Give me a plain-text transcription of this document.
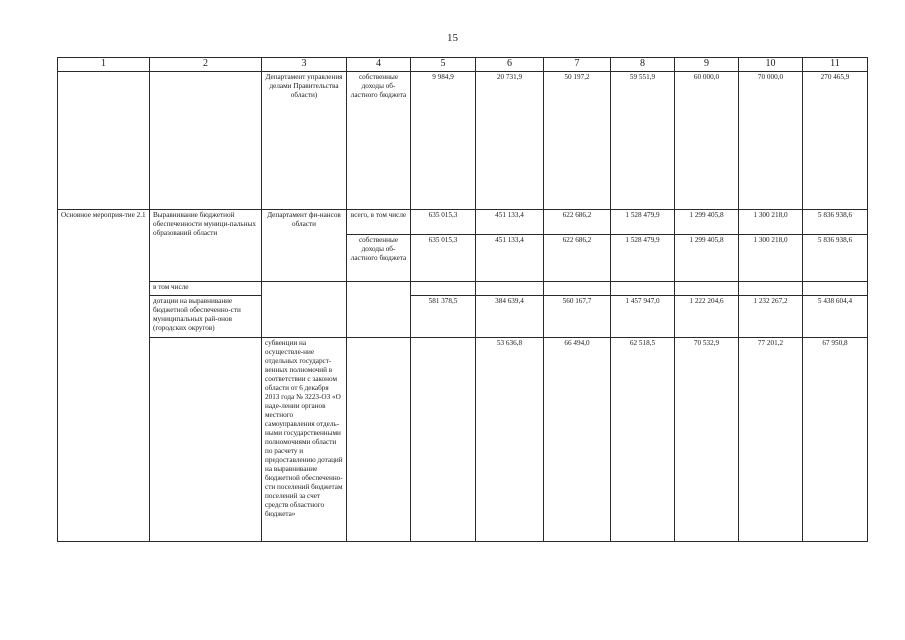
15
1	2	3	4	5	6	7	8	9	10	11	
		Департамент управления делами Правительства области)	собственные доходы об-ластного бюджета	9 984,9	20 731,9	50 197,2	59 551,9	60 000,0	70 000,0	270 465,9	
Основное мероприя-тие 2.1	Выравнивание бюджетной обеспеченности муници-пальных образований области	Департамент фи-нансов области	всего, в том числе	635 015,3	451 133,4	622 686,2	1 528 479,9	1 299 405,8	1 300 218,0	5 836 938,6	
			собственные доходы об-ластного бюджета	635 015,3	451 133,4	622 686,2	1 528 479,9	1 299 405,8	1 300 218,0	5 836 938,6	
	в том числе										
	дотации на выравнивание бюджетной обеспеченно-сти муниципальных рай-онов (городских округов)			581 378,5	384 639,4	560 167,7	1 457 947,0	1 222 204,6	1 232 267,2	5 438 604,4	
		субвенции на осуществле-ние отдельных государст-венных полномочий в соответствии с законом области от 6 декабря 2013 года № 3223-ОЗ «О наде-лении органов местного самоуправления отдель-ными государственными полномочиями области по расчету и предоставлению дотаций на выравнивание бюджетной обеспеченно-сти поселений бюджетам поселений за счет средств областного бюджета»			53 636,8	66 494,0	62 518,5	70 532,9	77 201,2	67 950,8	
